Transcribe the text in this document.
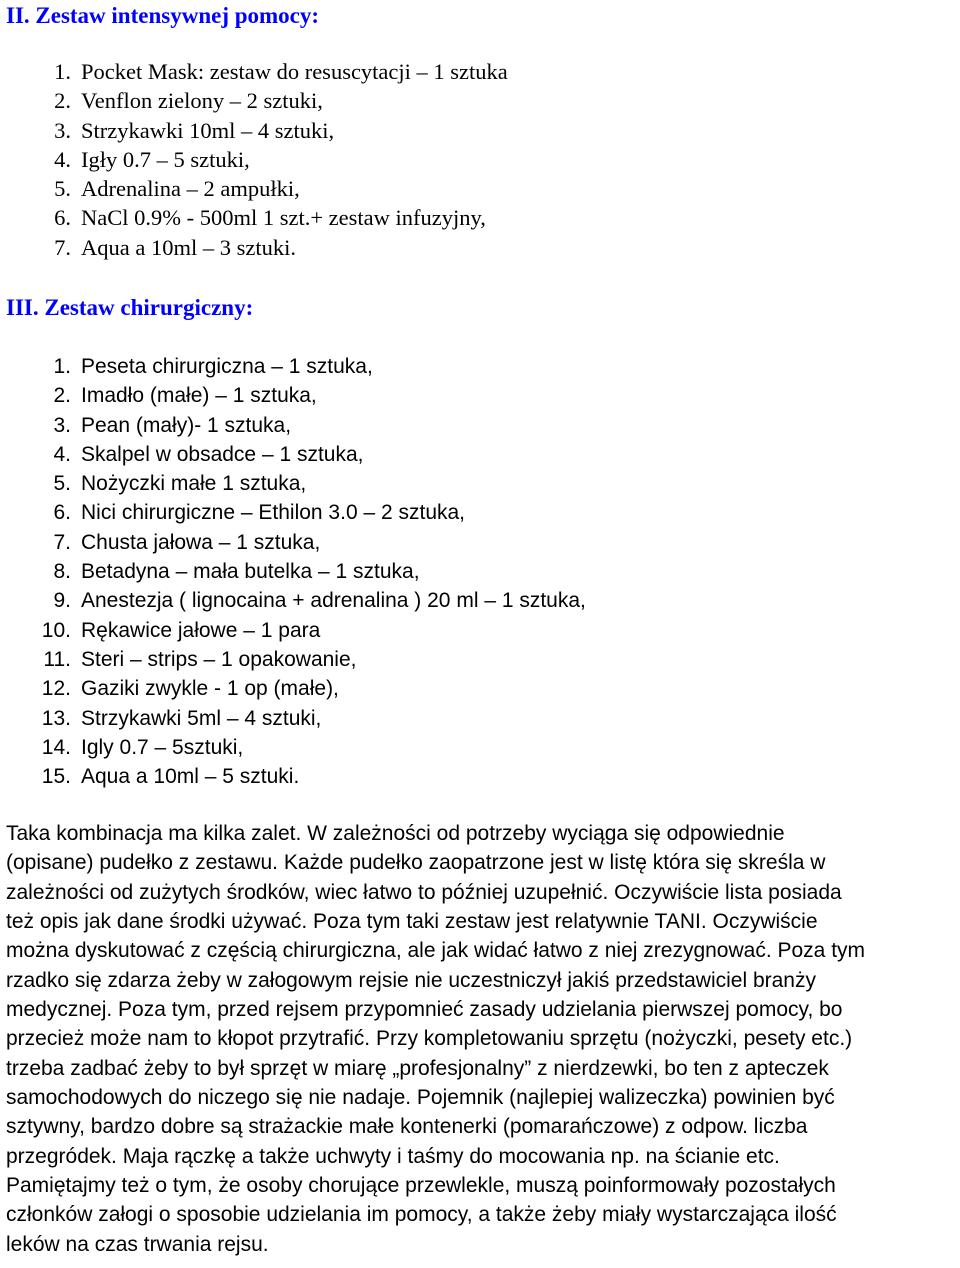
II. Zestaw intensywnej pomocy:
1. Pocket Mask: zestaw do resuscytacji – 1 sztuka
2. Venflon zielony – 2 sztuki,
3. Strzykawki 10ml – 4 sztuki,
4. Igły 0.7 – 5 sztuki,
5. Adrenalina – 2 ampułki,
6. NaCl 0.9% - 500ml 1 szt.+ zestaw infuzyjny,
7. Aqua a 10ml – 3 sztuki.
III. Zestaw chirurgiczny:
1. Peseta chirurgiczna – 1 sztuka,
2. Imadło (małe) – 1 sztuka,
3. Pean (mały)- 1 sztuka,
4. Skalpel w obsadce – 1 sztuka,
5. Nożyczki małe 1 sztuka,
6. Nici chirurgiczne – Ethilon 3.0 – 2 sztuka,
7. Chusta jałowa – 1 sztuka,
8. Betadyna – mała butelka – 1 sztuka,
9. Anestezja ( lignocaina + adrenalina ) 20 ml – 1 sztuka,
10. Rękawice jałowe – 1 para
11. Steri – strips – 1 opakowanie,
12. Gaziki zwykle - 1 op (małe),
13. Strzykawki 5ml – 4 sztuki,
14. Igly 0.7 – 5sztuki,
15. Aqua a 10ml – 5 sztuki.

Taka kombinacja ma kilka zalet. W zależności od potrzeby wyciąga się odpowiednie
(opisane) pudełko z zestawu. Każde pudełko zaopatrzone jest w listę która się skreśla w
zależności od zużytych środków, wiec łatwo to później uzupełnić. Oczywiście lista posiada
też opis jak dane środki używać. Poza tym taki zestaw jest relatywnie TANI. Oczywiście
można dyskutować z częścią chirurgiczna, ale jak widać łatwo z niej zrezygnować. Poza tym
rzadko się zdarza żeby w załogowym rejsie nie uczestniczył jakiś przedstawiciel branży
medycznej. Poza tym, przed rejsem przypomnieć zasady udzielania pierwszej pomocy, bo
przecież może nam to kłopot przytrafić. Przy kompletowaniu sprzętu (nożyczki, pesety etc.)
trzeba zadbać żeby to był sprzęt w miarę „profesjonalny” z nierdzewki, bo ten z apteczek
samochodowych do niczego się nie nadaje. Pojemnik (najlepiej walizeczka) powinien być
sztywny, bardzo dobre są strażackie małe kontenerki (pomarańczowe) z odpow. liczba
przegródek. Maja rączkę a także uchwyty i taśmy do mocowania np. na ścianie etc.
Pamiętajmy też o tym, że osoby chorujące przewlekle, muszą poinformowały pozostałych
członków załogi o sposobie udzielania im pomocy, a także żeby miały wystarczająca ilość
leków na czas trwania rejsu.
